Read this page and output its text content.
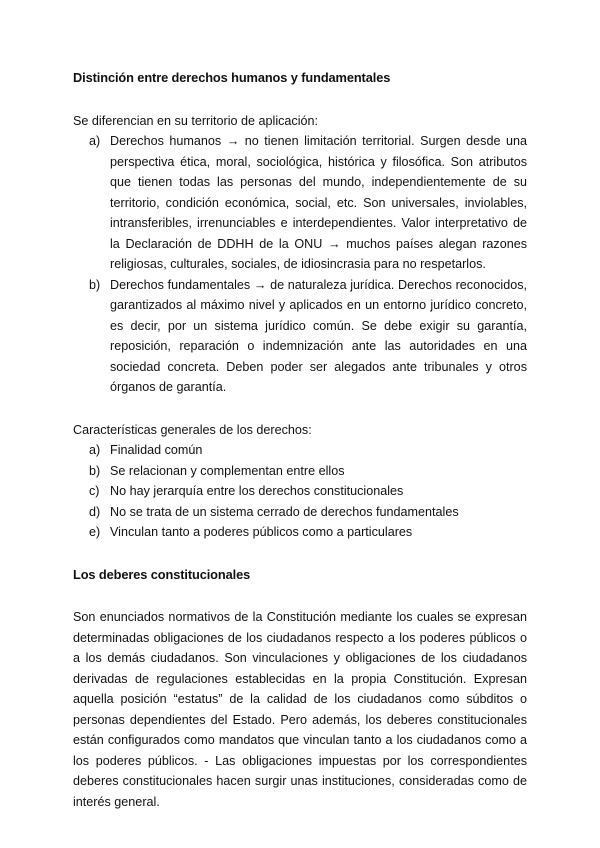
Distinción entre derechos humanos y fundamentales

Se diferencian en su territorio de aplicación:

a) Derechos humanos → no tienen limitación territorial. Surgen desde una perspectiva ética, moral, sociológica, histórica y filosófica. Son atributos que tienen todas las personas del mundo, independientemente de su territorio, condición económica, social, etc. Son universales, inviolables, intransferibles, irrenunciables e interdependientes. Valor interpretativo de la Declaración de DDHH de la ONU → muchos países alegan razones religiosas, culturales, sociales, de idiosincrasia para no respetarlos.
b) Derechos fundamentales → de naturaleza jurídica. Derechos reconocidos, garantizados al máximo nivel y aplicados en un entorno jurídico concreto, es decir, por un sistema jurídico común. Se debe exigir su garantía, reposición, reparación o indemnización ante las autoridades en una sociedad concreta. Deben poder ser alegados ante tribunales y otros órganos de garantía.

Características generales de los derechos:

a) Finalidad común
b) Se relacionan y complementan entre ellos
c) No hay jerarquía entre los derechos constitucionales
d) No se trata de un sistema cerrado de derechos fundamentales
e) Vinculan tanto a poderes públicos como a particulares
Los deberes constitucionales

Son enunciados normativos de la Constitución mediante los cuales se expresan determinadas obligaciones de los ciudadanos respecto a los poderes públicos o a los demás ciudadanos. Son vinculaciones y obligaciones de los ciudadanos derivadas de regulaciones establecidas en la propia Constitución. Expresan aquella posición “estatus” de la calidad de los ciudadanos como súbditos o personas dependientes del Estado. Pero además, los deberes constitucionales están configurados como mandatos que vinculan tanto a los ciudadanos como a los poderes públicos. - Las obligaciones impuestas por los correspondientes deberes constitucionales hacen surgir unas instituciones, consideradas como de interés general.
